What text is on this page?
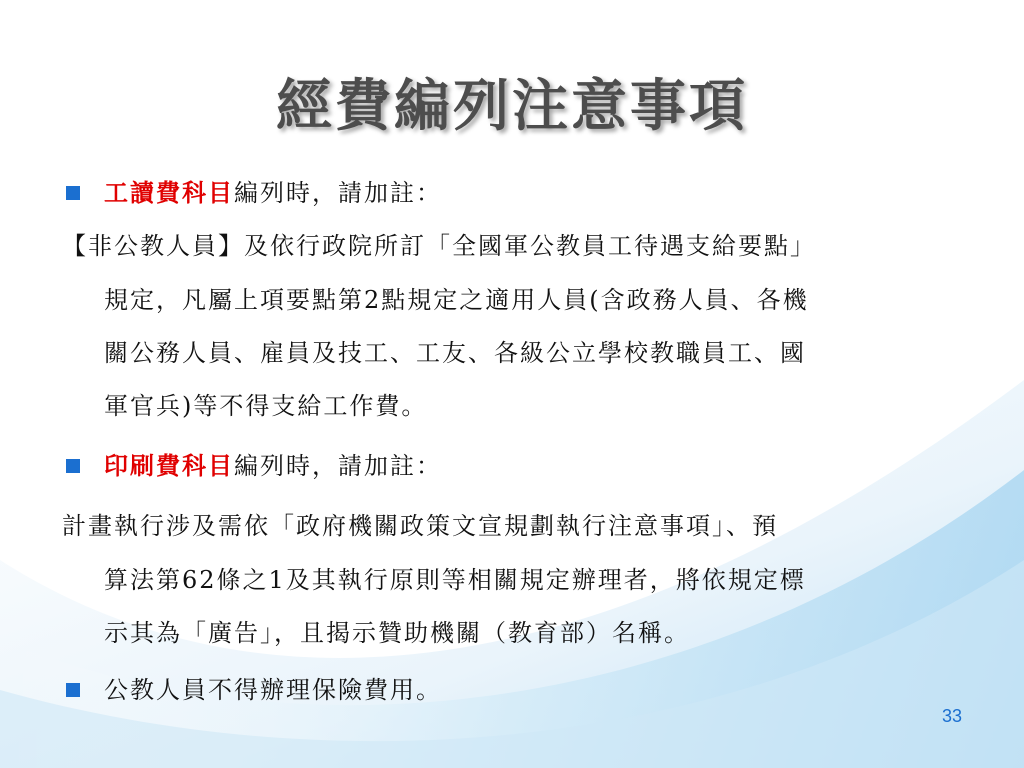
經費編列注意事項
工讀費科目編列時，請加註：
【非公教人員】及依行政院所訂「全國軍公教員工待遇支給要點」
規定，凡屬上項要點第2點規定之適用人員(含政務人員、各機
關公務人員、雇員及技工、工友、各級公立學校教職員工、國
軍官兵)等不得支給工作費。
印刷費科目編列時，請加註：
計畫執行涉及需依「政府機關政策文宣規劃執行注意事項」、預
算法第62條之1及其執行原則等相關規定辦理者，將依規定標
示其為「廣告」，且揭示贊助機關（教育部）名稱。
公教人員不得辦理保險費用。
33
